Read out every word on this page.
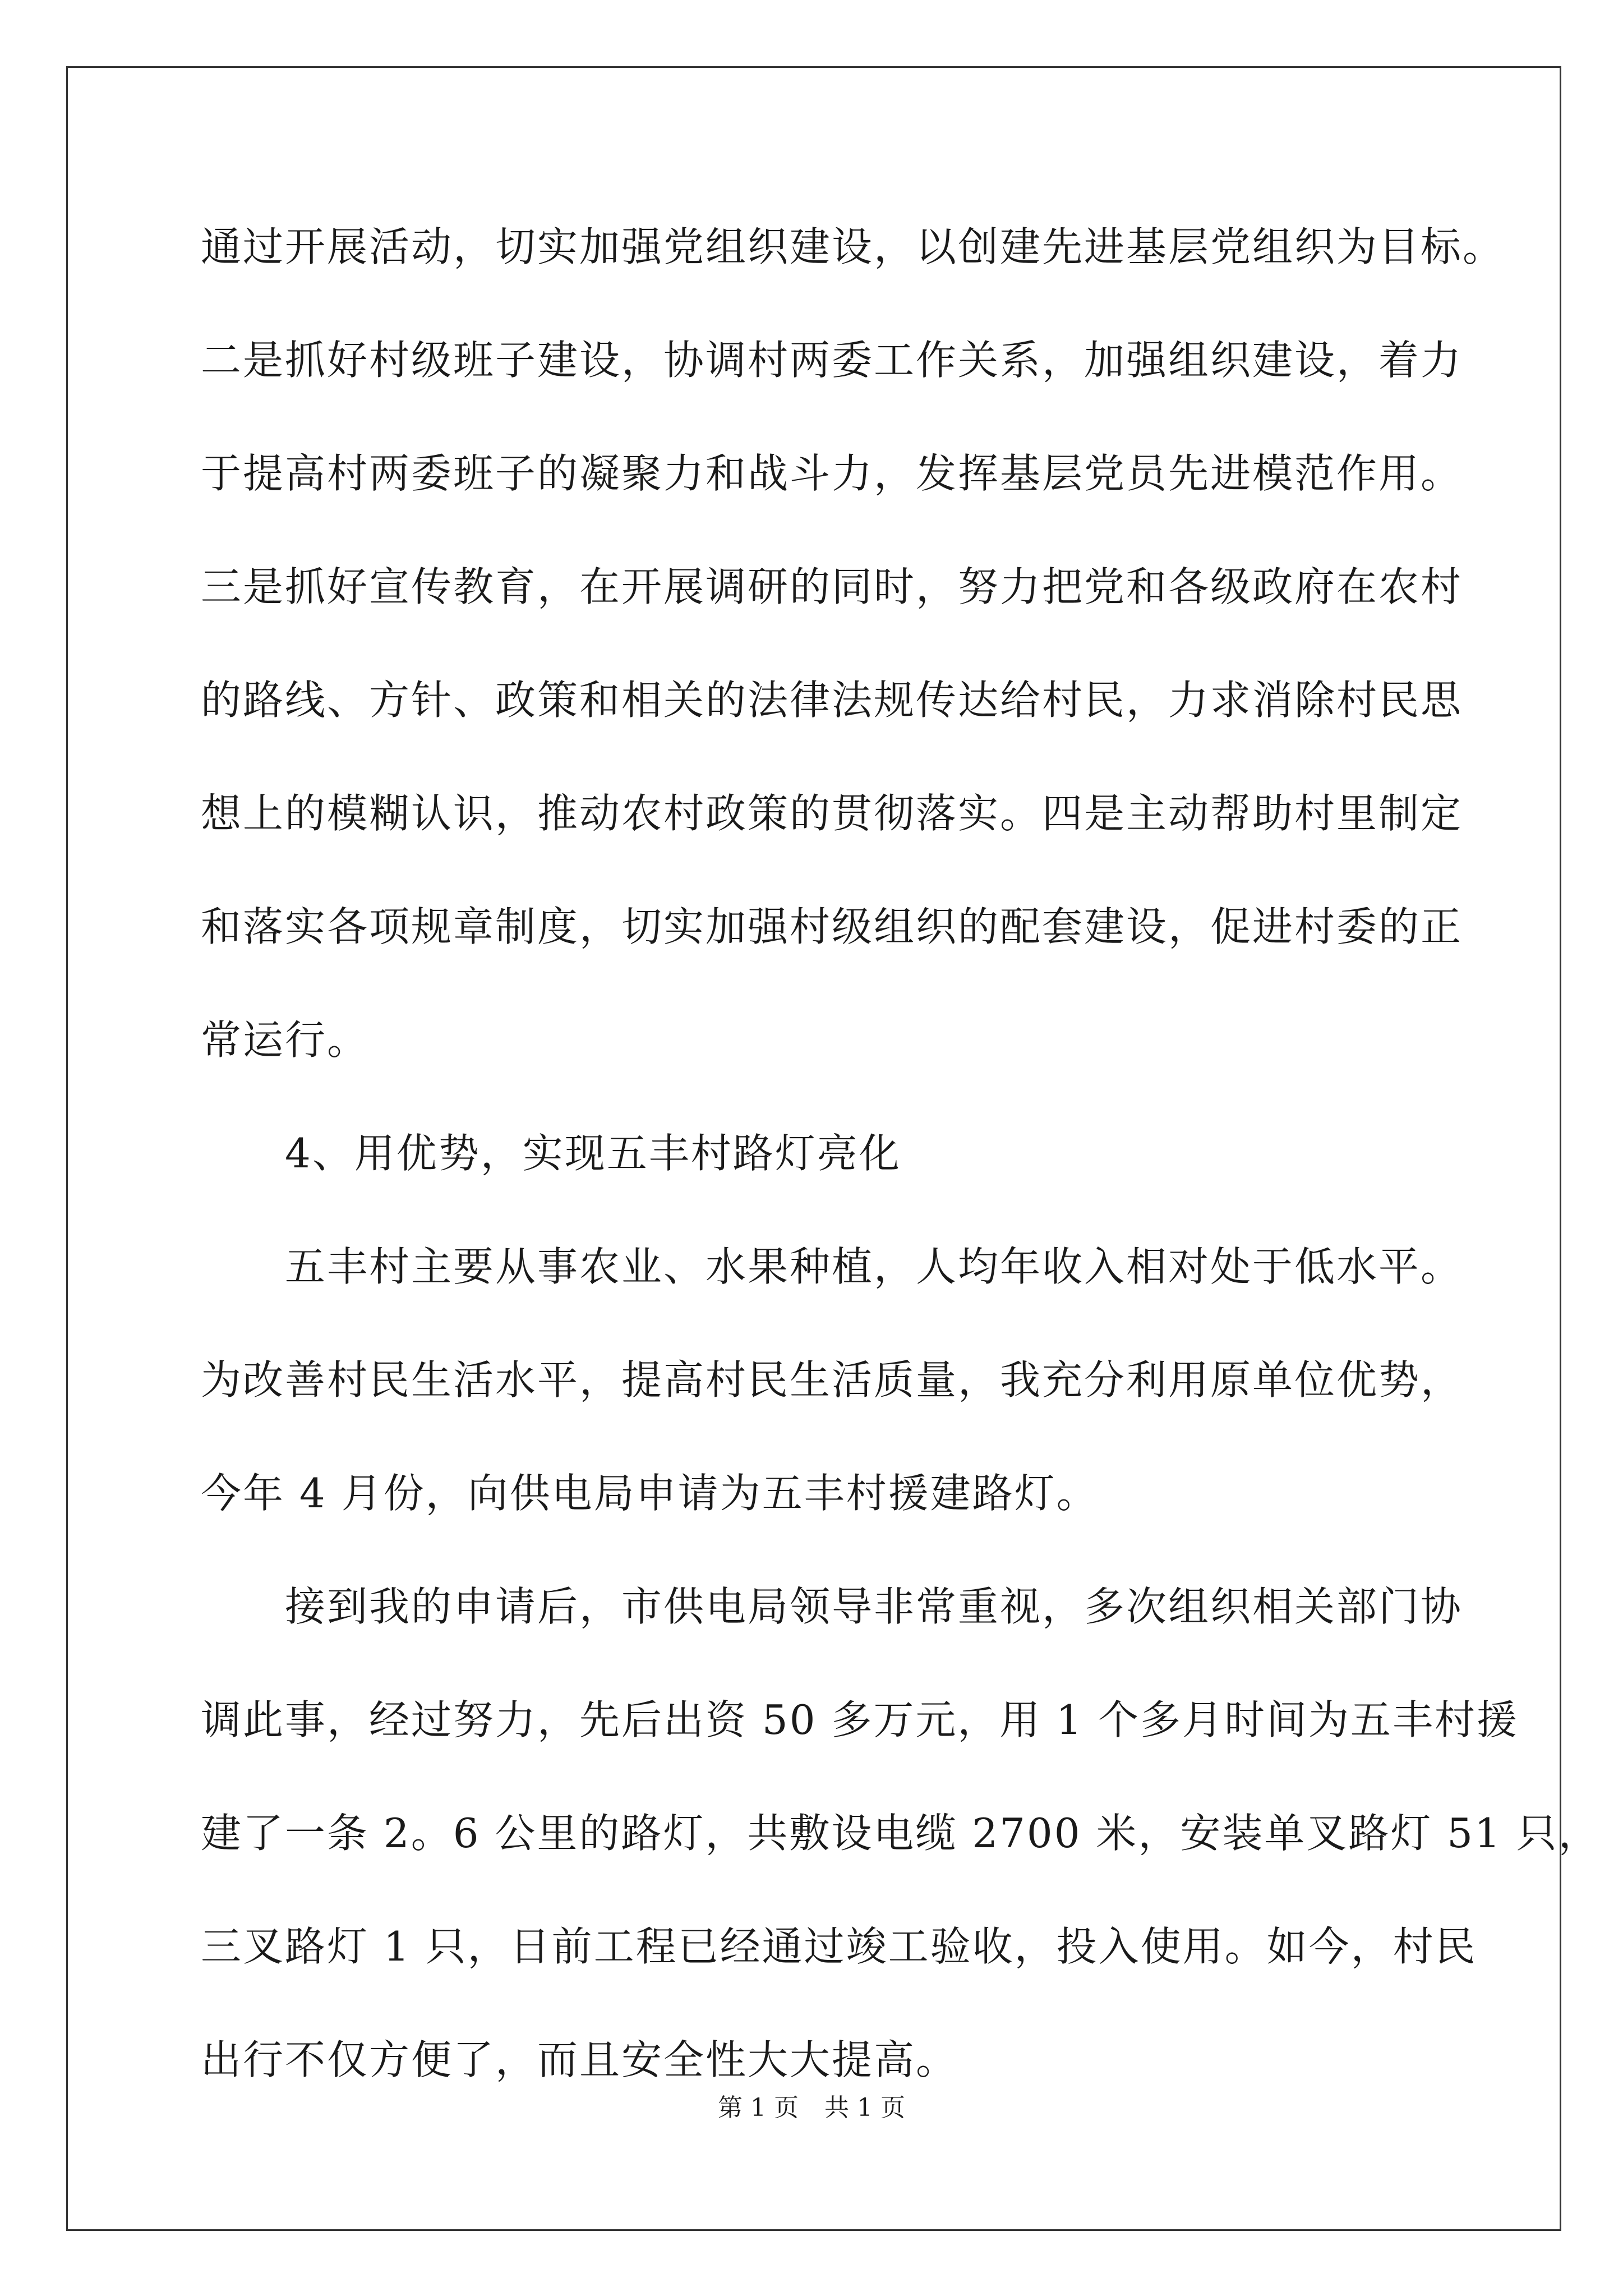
通过开展活动，切实加强党组织建设，以创建先进基层党组织为目标。
二是抓好村级班子建设，协调村两委工作关系，加强组织建设，着力
于提高村两委班子的凝聚力和战斗力，发挥基层党员先进模范作用。
三是抓好宣传教育，在开展调研的同时，努力把党和各级政府在农村
的路线、方针、政策和相关的法律法规传达给村民，力求消除村民思
想上的模糊认识，推动农村政策的贯彻落实。四是主动帮助村里制定
和落实各项规章制度，切实加强村级组织的配套建设，促进村委的正
常运行。
4、用优势，实现五丰村路灯亮化
五丰村主要从事农业、水果种植，人均年收入相对处于低水平。
为改善村民生活水平，提高村民生活质量，我充分利用原单位优势，
今年 4 月份，向供电局申请为五丰村援建路灯。
接到我的申请后，市供电局领导非常重视，多次组织相关部门协
调此事，经过努力，先后出资 50 多万元，用 1 个多月时间为五丰村援
建了一条 2。6 公里的路灯，共敷设电缆 2700 米，安装单叉路灯 51 只，
三叉路灯 1 只，日前工程已经通过竣工验收，投入使用。如今，村民
出行不仅方便了，而且安全性大大提高。
第 1 页 共 1 页
